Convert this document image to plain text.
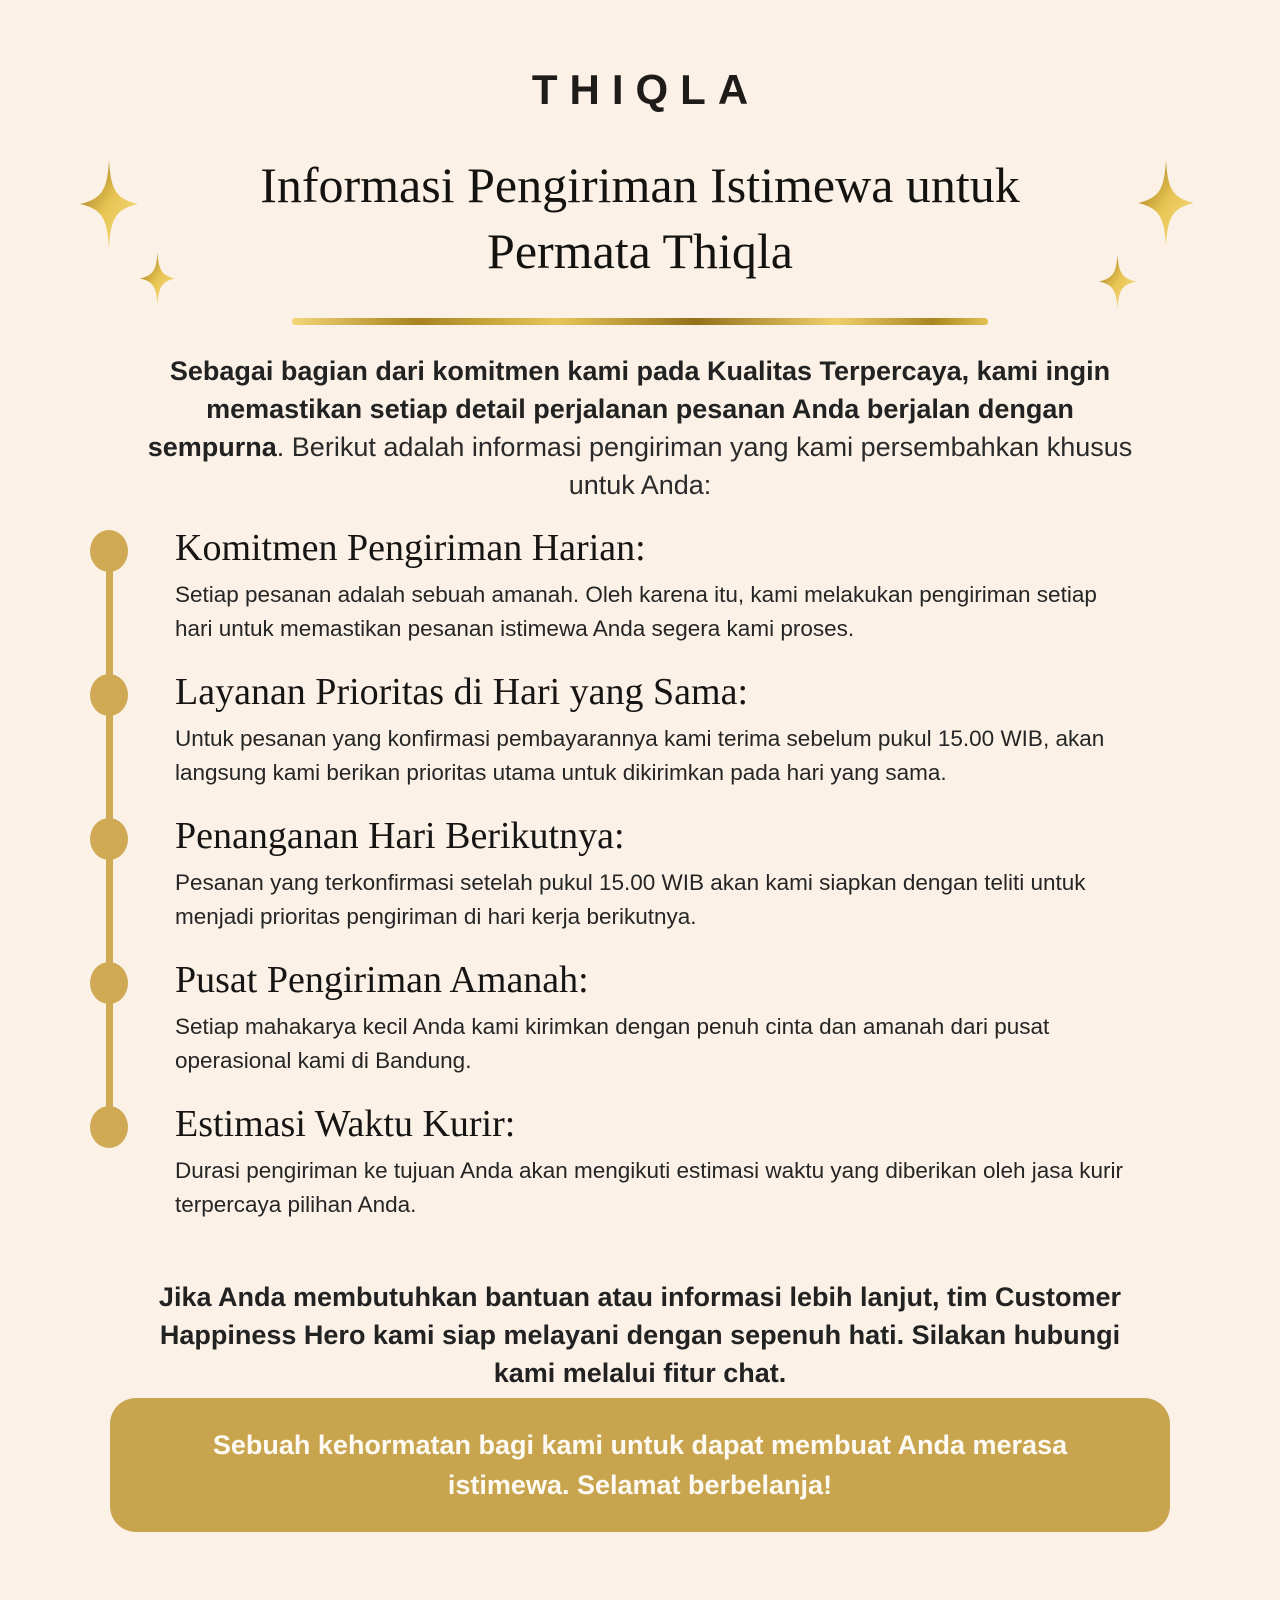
THIQLA
Informasi Pengiriman Istimewa untuk Permata Thiqla

Sebagai bagian dari komitmen kami pada Kualitas Terpercaya, kami ingin memastikan setiap detail perjalanan pesanan Anda berjalan dengan sempurna. Berikut adalah informasi pengiriman yang kami persembahkan khusus untuk Anda:

Komitmen Pengiriman Harian:
Setiap pesanan adalah sebuah amanah. Oleh karena itu, kami melakukan pengiriman setiap hari untuk memastikan pesanan istimewa Anda segera kami proses.
Layanan Prioritas di Hari yang Sama:
Untuk pesanan yang konfirmasi pembayarannya kami terima sebelum pukul 15.00 WIB, akan langsung kami berikan prioritas utama untuk dikirimkan pada hari yang sama.
Penanganan Hari Berikutnya:
Pesanan yang terkonfirmasi setelah pukul 15.00 WIB akan kami siapkan dengan teliti untuk menjadi prioritas pengiriman di hari kerja berikutnya.
Pusat Pengiriman Amanah:
Setiap mahakarya kecil Anda kami kirimkan dengan penuh cinta dan amanah dari pusat operasional kami di Bandung.
Estimasi Waktu Kurir:
Durasi pengiriman ke tujuan Anda akan mengikuti estimasi waktu yang diberikan oleh jasa kurir terpercaya pilihan Anda.

Jika Anda membutuhkan bantuan atau informasi lebih lanjut, tim Customer Happiness Hero kami siap melayani dengan sepenuh hati. Silakan hubungi kami melalui fitur chat.

Sebuah kehormatan bagi kami untuk dapat membuat Anda merasa istimewa. Selamat berbelanja!
